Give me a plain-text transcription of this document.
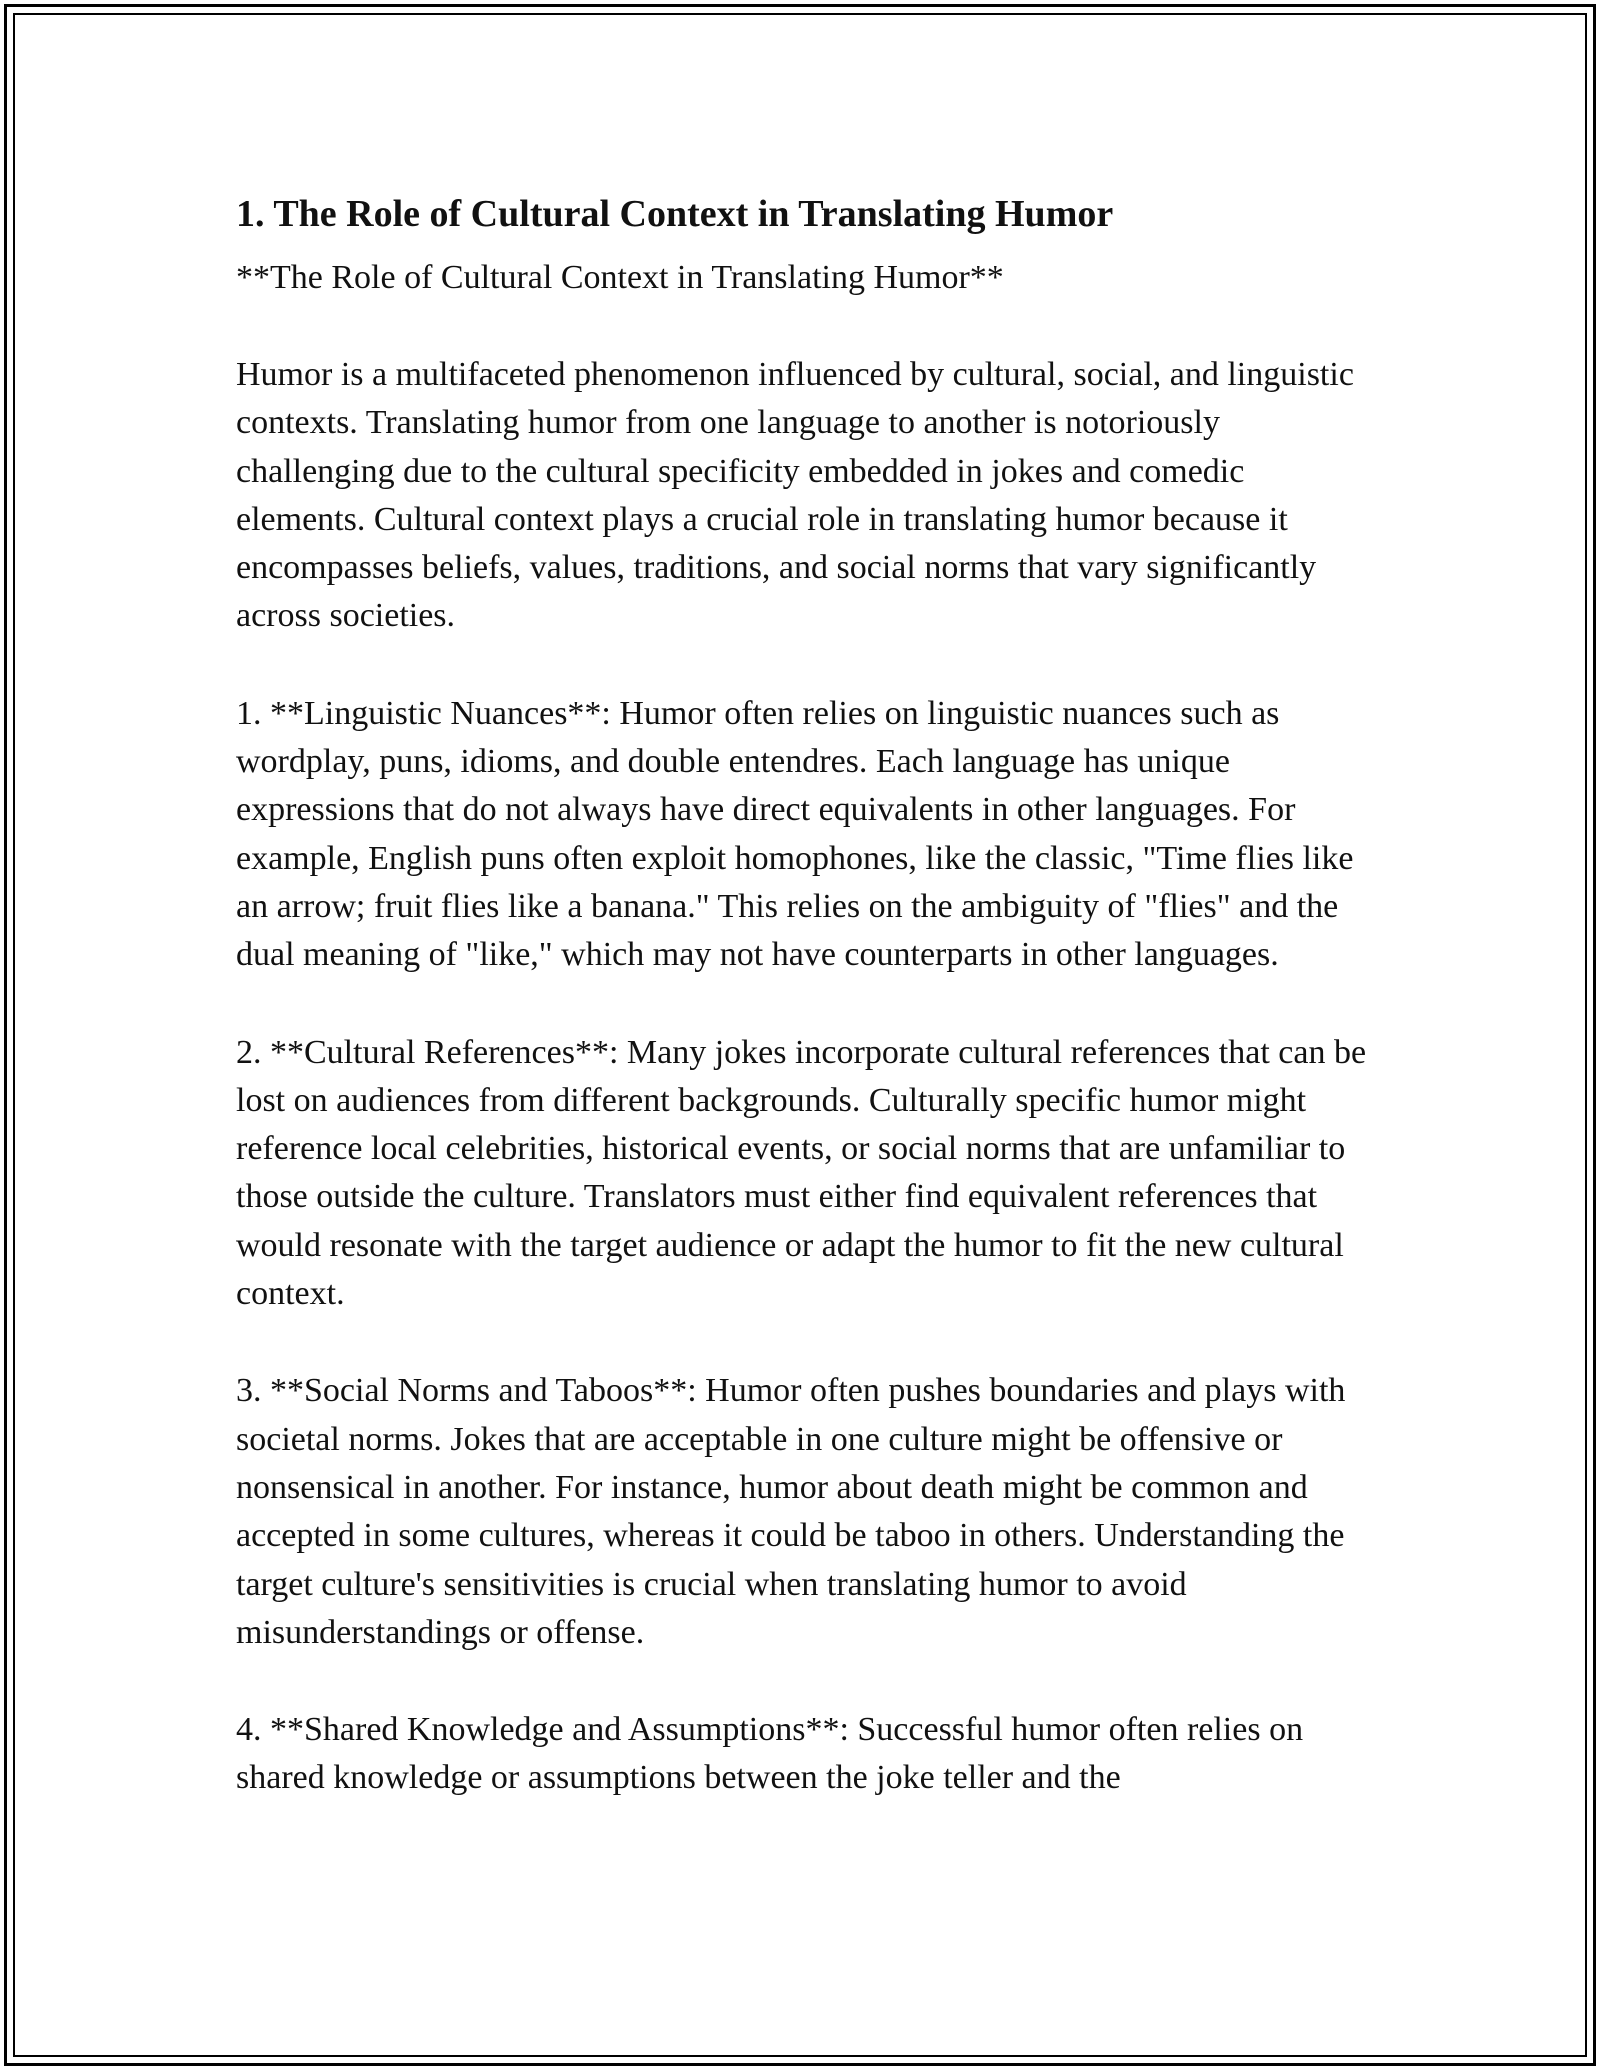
1. The Role of Cultural Context in Translating Humor

**The Role of Cultural Context in Translating Humor**

Humor is a multifaceted phenomenon influenced by cultural, social, and linguistic contexts. Translating humor from one language to another is notoriously challenging due to the cultural specificity embedded in jokes and comedic elements. Cultural context plays a crucial role in translating humor because it encompasses beliefs, values, traditions, and social norms that vary significantly across societies.

1. **Linguistic Nuances**: Humor often relies on linguistic nuances such as wordplay, puns, idioms, and double entendres. Each language has unique expressions that do not always have direct equivalents in other languages. For example, English puns often exploit homophones, like the classic, "Time flies like an arrow; fruit flies like a banana." This relies on the ambiguity of "flies" and the dual meaning of "like," which may not have counterparts in other languages.

2. **Cultural References**: Many jokes incorporate cultural references that can be lost on audiences from different backgrounds. Culturally specific humor might reference local celebrities, historical events, or social norms that are unfamiliar to those outside the culture. Translators must either find equivalent references that would resonate with the target audience or adapt the humor to fit the new cultural context.

3. **Social Norms and Taboos**: Humor often pushes boundaries and plays with societal norms. Jokes that are acceptable in one culture might be offensive or nonsensical in another. For instance, humor about death might be common and accepted in some cultures, whereas it could be taboo in others. Understanding the target culture's sensitivities is crucial when translating humor to avoid misunderstandings or offense.

4. **Shared Knowledge and Assumptions**: Successful humor often relies on shared knowledge or assumptions between the joke teller and the
